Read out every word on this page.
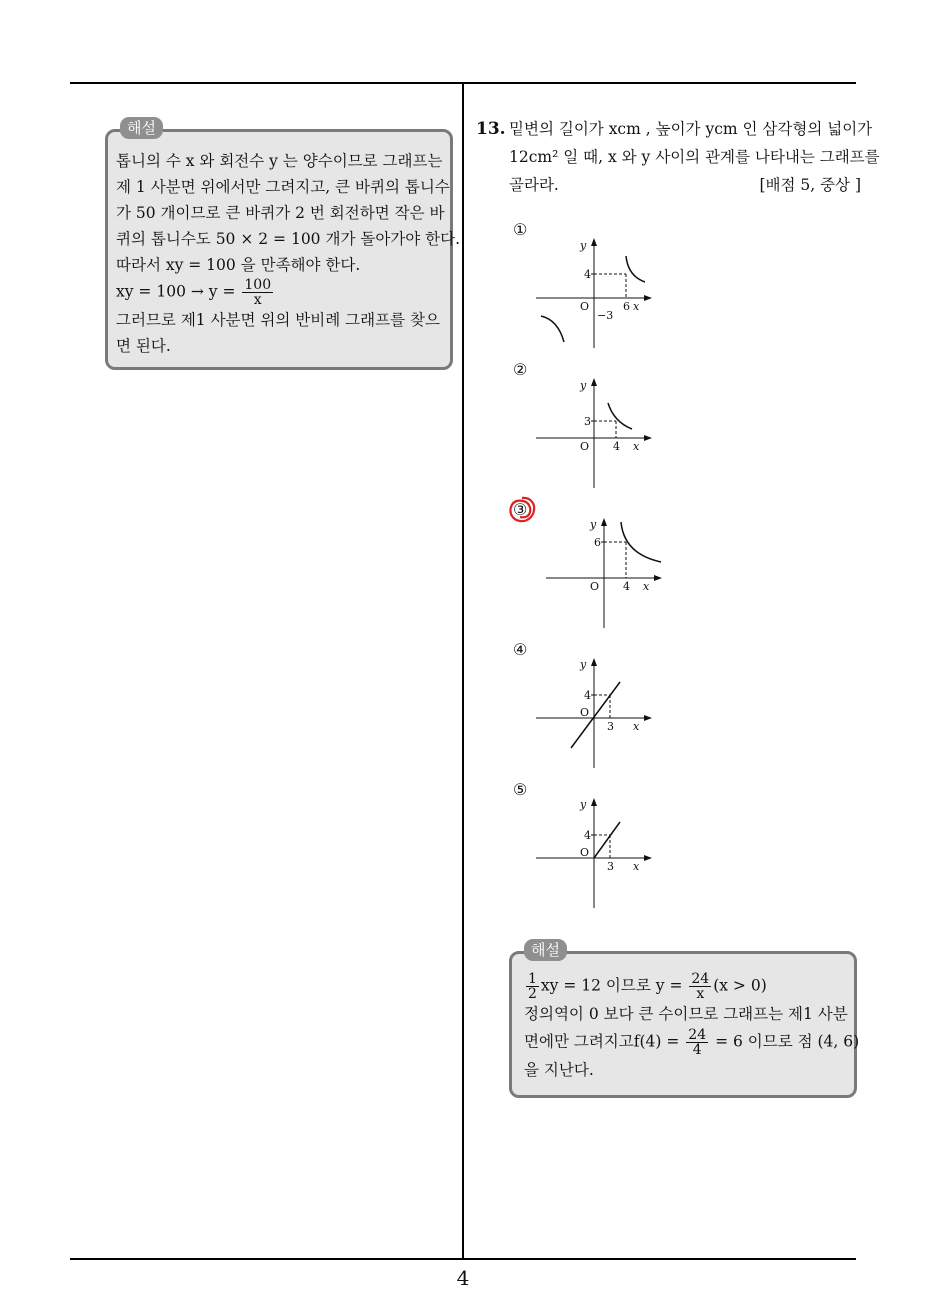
톱니의 수 x 와 회전수 y 는 양수이므로 그래프는
제 1 사분면 위에서만 그려지고, 큰 바퀴의 톱니수
가 50 개이므로 큰 바퀴가 2 번 회전하면 작은 바
퀴의 톱니수도 50 × 2 = 100 개가 돌아가야 한다.
따라서 xy = 100 을 만족해야 한다.
xy = $100 \to y = \frac{100}{x}$
그러므로 제1 사분면 위의 반비례 그래프를 찾으
면 된다.
해설	13. 밑변의 길이가 xcm , 높이가 ycm 인 삼각형의 넓이가
12cm² 일 때, x 와 y 사이의 관계를 나타내는 그래프를
골라라.	[배점 5, 중상 ]
①
②
③
④
⑤
y
4
O	6 x
−3
y
3
O 4 x
y
6
O 4 x
y
4
O
3 x
y
4
O
3 x
$\frac{1}{2}$ xy = 12 이므로 $y = \frac{24}{x} (x > 0)$
정의역이 0 보다 큰 수이므로 그래프는 제1 사분
면에만 그려지고$f(4) = \frac{24}{4} = 6$ 이므로 점 (4, 6)
을 지난다.
해설
4
